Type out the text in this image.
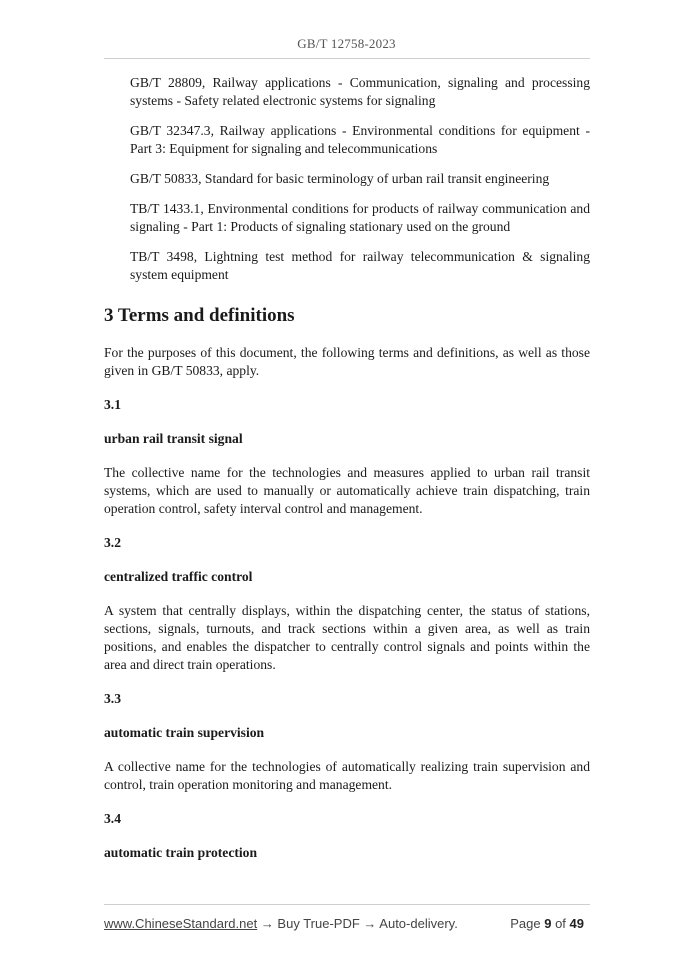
GB/T 12758-2023

GB/T 28809, Railway applications - Communication, signaling and processing systems - Safety related electronic systems for signaling

GB/T 32347.3, Railway applications - Environmental conditions for equipment - Part 3: Equipment for signaling and telecommunications

GB/T 50833, Standard for basic terminology of urban rail transit engineering

TB/T 1433.1, Environmental conditions for products of railway communication and signaling - Part 1: Products of signaling stationary used on the ground

TB/T 3498, Lightning test method for railway telecommunication & signaling system equipment

3 Terms and definitions

For the purposes of this document, the following terms and definitions, as well as those given in GB/T 50833, apply.

3.1
urban rail transit signal

The collective name for the technologies and measures applied to urban rail transit systems, which are used to manually or automatically achieve train dispatching, train operation control, safety interval control and management.

3.2
centralized traffic control

A system that centrally displays, within the dispatching center, the status of stations, sections, signals, turnouts, and track sections within a given area, as well as train positions, and enables the dispatcher to centrally control signals and points within the area and direct train operations.

3.3
automatic train supervision

A collective name for the technologies of automatically realizing train supervision and control, train operation monitoring and management.

3.4
automatic train protection
www.ChineseStandard.net → Buy True-PDF → Auto-delivery.	Page 9 of 49
